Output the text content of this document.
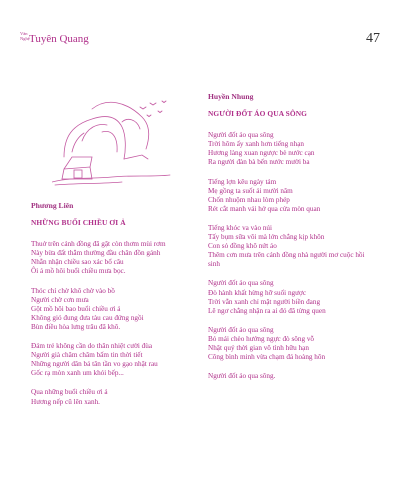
Văn Nghệ Tuyên Quang	47
Phương Liên
NHỮNG BUỔI CHIỀU ƠI Ả
Thuở trên cánh đồng đã gặt còn thơm mùi rơm
Này bừa đất thẳm thường đầu chân đồn gánh
Nhẫn nhận chiều sao xác bổ câu
Ôi ả mồ hôi buổi chiều mưa bọc.
Thóc chỉ chờ khô chờ vào bồ
Người chờ cơn mưa
Gột mồ hôi bao buổi chiều ơi ả
Không gió đung đưa tàu cau đứng ngồi
Bùn điều hòa lưng trâu đã khô.
Đám trẻ không cần do thân nhiệt cười đùa
Người già chăm chăm bấm tin thời tiết
Những người dân bả tân tần vo gạo nhặt rau
Gốc rạ mòn xanh um khói bếp...
Qua những buổi chiều ơi ả
Hương nếp cũ lên xanh.
Huyền Nhung
NGƯỜI ĐỐT ÁO QUA SÔNG
Người đốt áo qua sông
Trời hôm ấy xanh hơn tiếng nhạn
Hương làng xuan ngược bè nước cạn
Ra người đàn bà bến nước mười ba
Tiếng lợn kêu ngày tám
Mẹ gồng ta suốt ải mười năm
Chốn nhuộm nhau lòm phép
Rét cắt manh vải hở qua cửa mòn quan
Tiếng khóc va vào núi
Tấy bụm sữa vôi mà lớn chẳng kịp khôn
Con sỏ đồng khô nứt áo
Thêm cơn mưa trên cánh đồng nhà người mơ cuộc hồi sinh
Người đốt áo qua sông
Đò hành khất hừng hỡ suối ngược
Trời vẫn xanh chỉ mặt người biền đang
Lê ngơ chẳng nhận ra ai đó đã từng quen
Người đốt áo qua sông
Bỏ mái chèo hướng ngực đò sông vỗ
Nhật quý thời gian vô tình hữu hạn
Công bình minh vừa chạm đá hoàng hôn
Người đốt áo qua sông.
